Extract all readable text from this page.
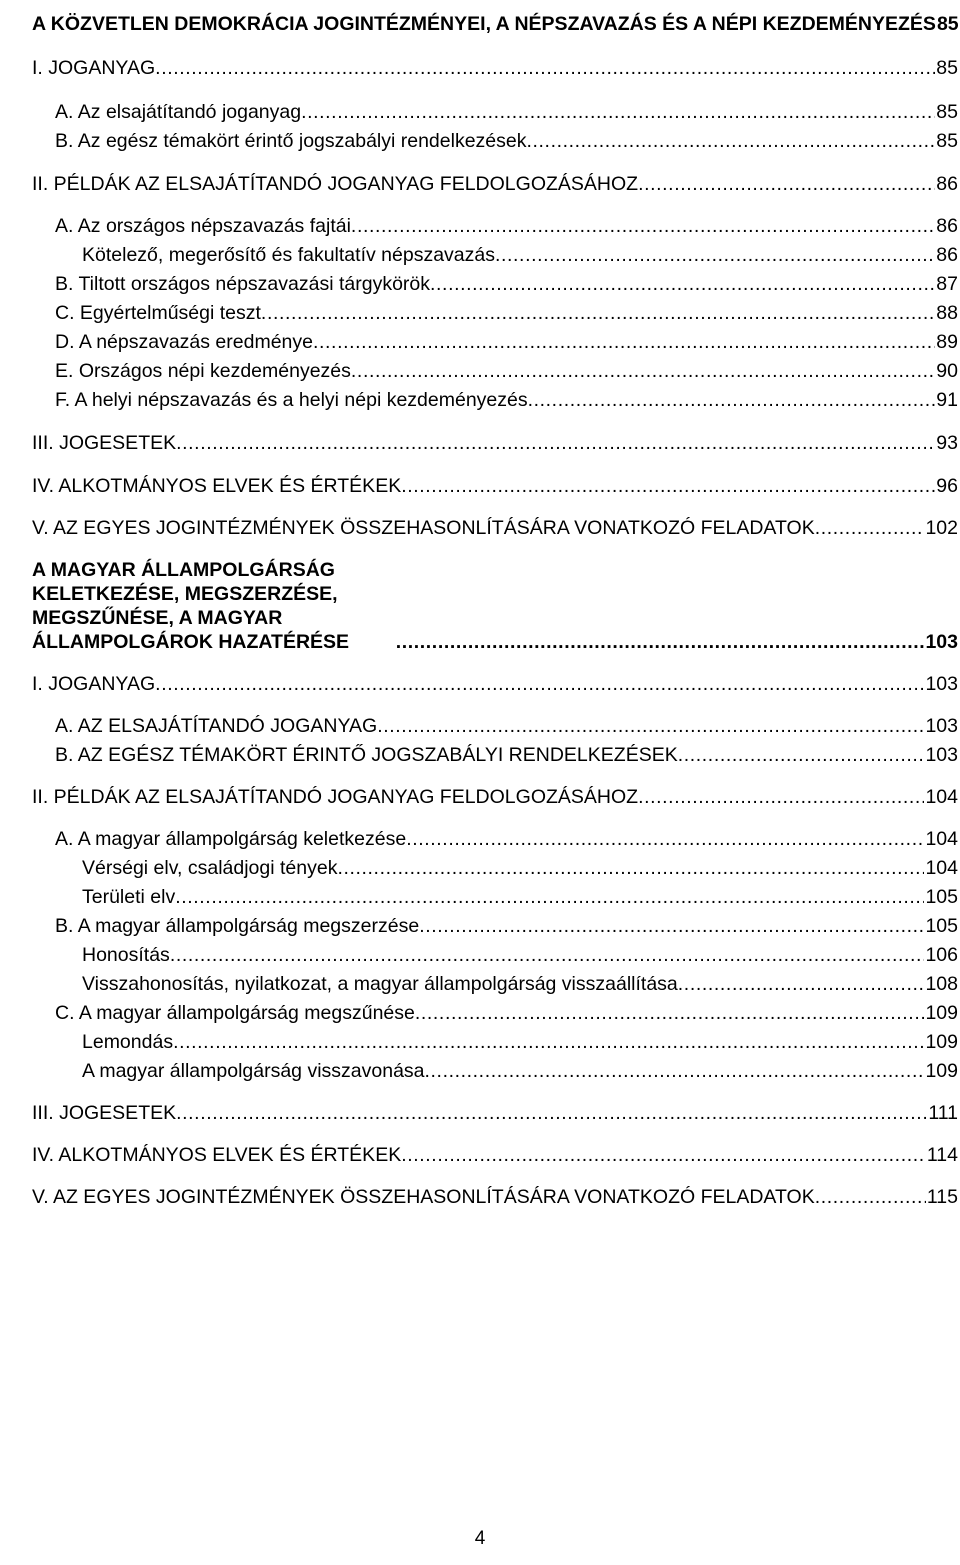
A KÖZVETLEN DEMOKRÁCIA JOGINTÉZMÉNYEI, A NÉPSZAVAZÁS ÉS A NÉPI KEZDEMÉNYEZÉS 85
I. JOGANYAG .....	85
A. Az elsajátítandó joganyag .....	85
B. Az egész témakört érintő jogszabályi rendelkezések .....	85
II. PÉLDÁK AZ ELSAJÁTÍTANDÓ JOGANYAG FELDOLGOZÁSÁHOZ .....	86
A. Az országos népszavazás fajtái .....	86
Kötelező, megerősítő és fakultatív népszavazás .....	86
B. Tiltott országos népszavazási tárgykörök .....	87
C. Egyértelműségi teszt .....	88
D. A népszavazás eredménye .....	89
E. Országos népi kezdeményezés .....	90
F. A helyi népszavazás és a helyi népi kezdeményezés .....	91
III. JOGESETEK .....	93
IV. ALKOTMÁNYOS ELVEK ÉS ÉRTÉKEK .....	96
V. AZ EGYES JOGINTÉZMÉNYEK ÖSSZEHASONLÍTÁSÁRA VONATKOZÓ FELADATOK .....	102
A MAGYAR ÁLLAMPOLGÁRSÁG KELETKEZÉSE, MEGSZERZÉSE, MEGSZŰNÉSE, A MAGYAR ÁLLAMPOLGÁROK HAZATÉRÉSE .....	103
I. JOGANYAG .....	103
A. AZ ELSAJÁTÍTANDÓ JOGANYAG .....	103
B. AZ EGÉSZ TÉMAKÖRT ÉRINTŐ JOGSZABÁLYI RENDELKEZÉSEK .....	103
II. PÉLDÁK AZ ELSAJÁTÍTANDÓ JOGANYAG FELDOLGOZÁSÁHOZ .....	104
A. A magyar állampolgárság keletkezése .....	104
Vérségi elv, családjogi tények .....	104
Területi elv .....	105
B. A magyar állampolgárság megszerzése .....	105
Honosítás .....	106
Visszahonosítás, nyilatkozat, a magyar állampolgárság visszaállítása .....	108
C. A magyar állampolgárság megszűnése .....	109
Lemondás .....	109
A magyar állampolgárság visszavonása .....	109
III. JOGESETEK .....	111
IV. ALKOTMÁNYOS ELVEK ÉS ÉRTÉKEK .....	114
V. AZ EGYES JOGINTÉZMÉNYEK ÖSSZEHASONLÍTÁSÁRA VONATKOZÓ FELADATOK .....	115
4
